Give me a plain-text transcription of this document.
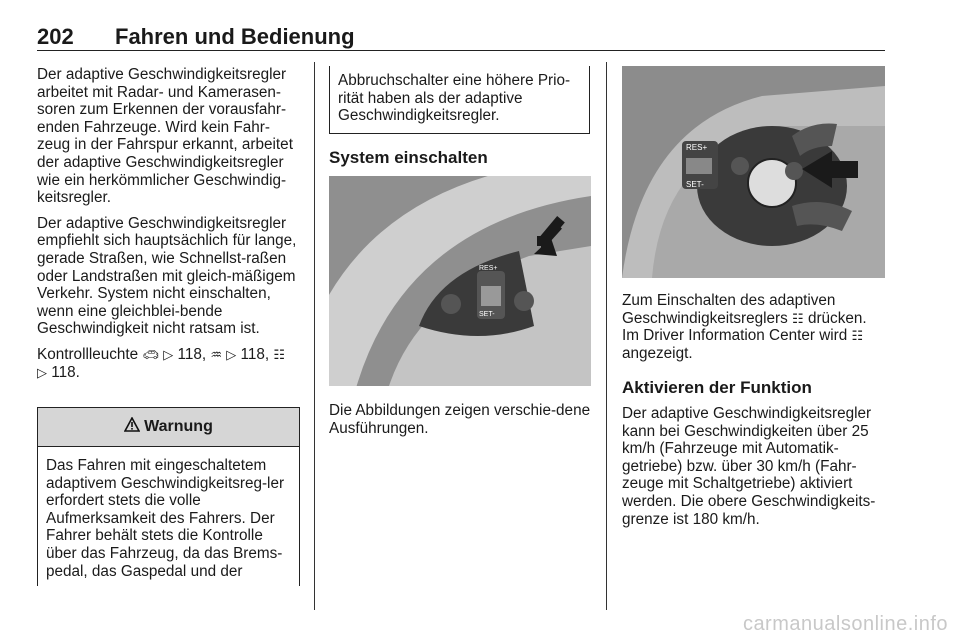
202 Fahren und Bedienung

Der adaptive Geschwindigkeitsregler arbeitet mit Radar- und Kamerasen-soren zum Erkennen der vorausfahr-enden Fahrzeuge. Wird kein Fahr-zeug in der Fahrspur erkannt, arbeitet der adaptive Geschwindigkeitsregler wie ein herkömmlicher Geschwindig-keitsregler.

Der adaptive Geschwindigkeitsregler empfiehlt sich hauptsächlich für lange, gerade Straßen, wie Schnellst-raßen oder Landstraßen mit gleich-mäßigem Verkehr. System nicht einschalten, wenn eine gleichblei-bende Geschwindigkeit nicht ratsam ist.

Kontrollleuchte 🚗︎ ▷ 118, ♒ ▷ 118, ☷
▷ 118.

Warnung
Das Fahren mit eingeschaltetem adaptivem Geschwindigkeitsreg-ler erfordert stets die volle Aufmerksamkeit des Fahrers. Der Fahrer behält stets die Kontrolle über das Fahrzeug, da das Brems-pedal, das Gaspedal und der
Abbruchschalter eine höhere Prio-rität haben als der adaptive Geschwindigkeitsregler.
System einschalten
RES+
SET-
Die Abbildungen zeigen verschie-dene Ausführungen.
RES+
SET-

Zum Einschalten des adaptiven Geschwindigkeitsreglers ☷ drücken. Im Driver Information Center wird ☷ angezeigt.

Aktivieren der Funktion
Der adaptive Geschwindigkeitsregler kann bei Geschwindigkeiten über 25 km/h (Fahrzeuge mit Automatik-getriebe) bzw. über 30 km/h (Fahr-zeuge mit Schaltgetriebe) aktiviert werden. Die obere Geschwindigkeits-grenze ist 180 km/h.
carmanualsonline.info
